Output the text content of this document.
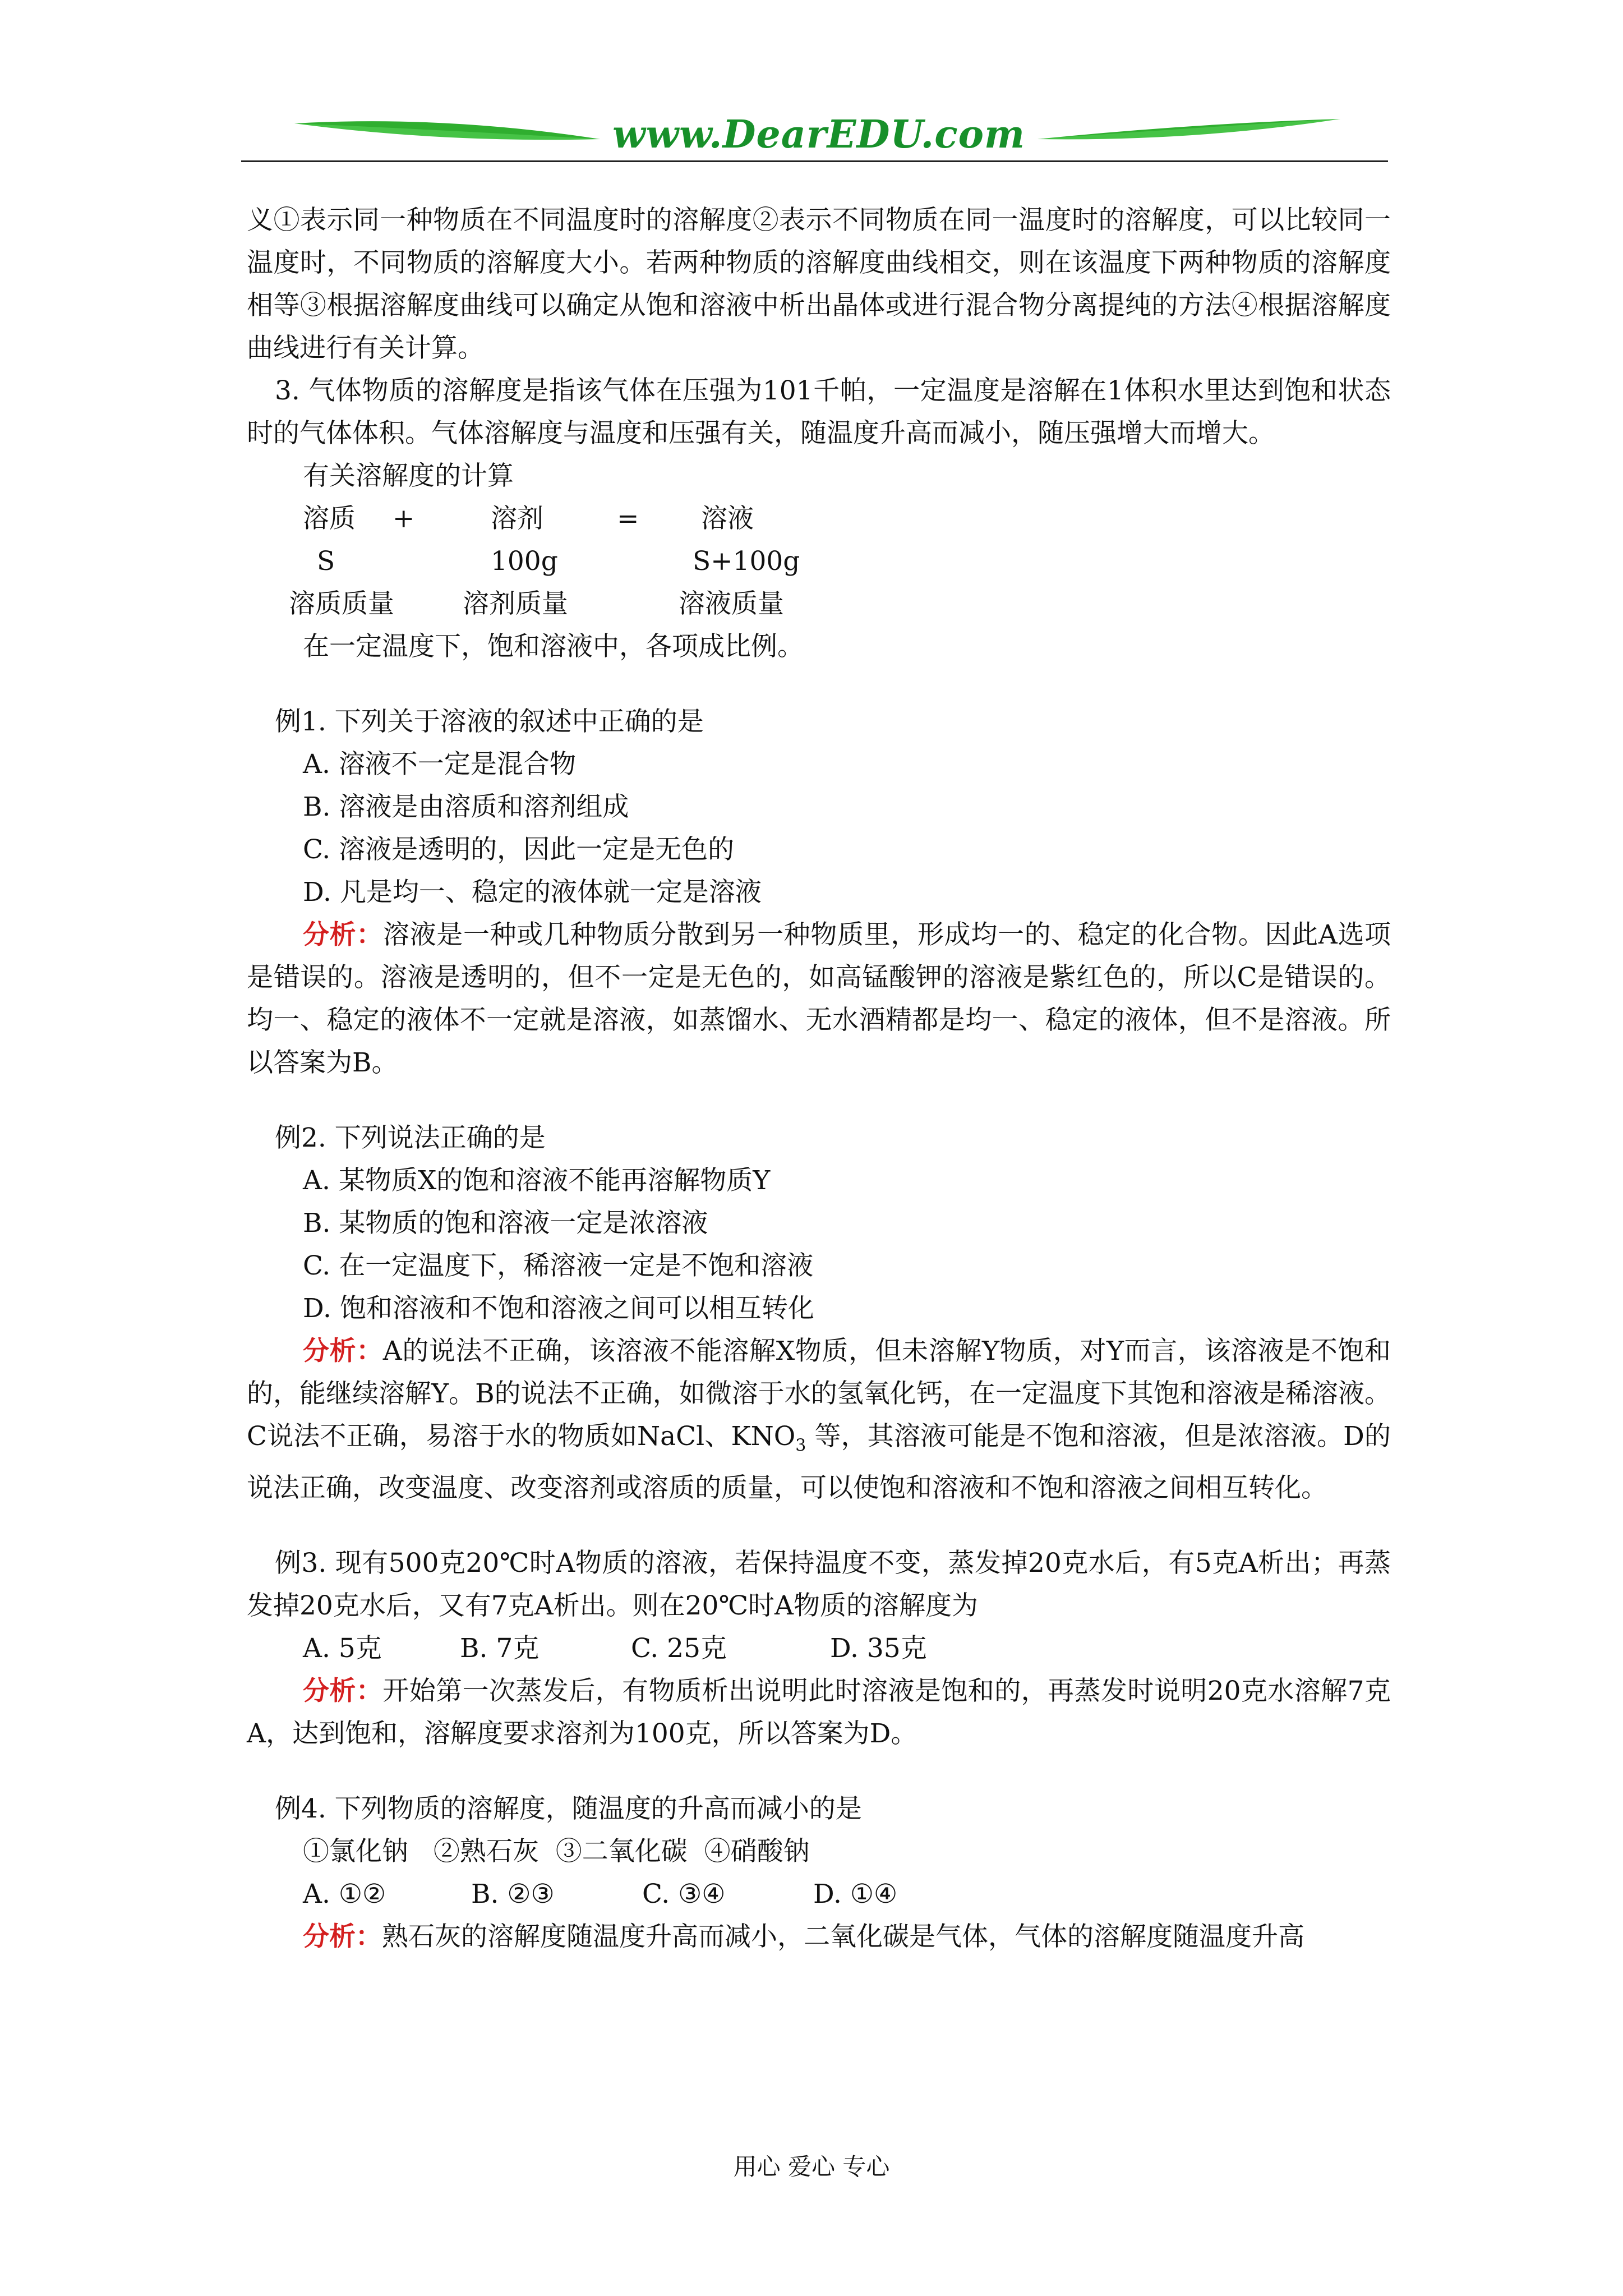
www.DearEDU.com

义①表示同一种物质在不同温度时的溶解度②表示不同物质在同一温度时的溶解度，可以比较同一温度时，不同物质的溶解度大小。若两种物质的溶解度曲线相交，则在该温度下两种物质的溶解度相等③根据溶解度曲线可以确定从饱和溶液中析出晶体或进行混合物分离提纯的方法④根据溶解度曲线进行有关计算。

3. 气体物质的溶解度是指该气体在压强为101千帕，一定温度是溶解在1体积水里达到饱和状态时的气体体积。气体溶解度与温度和压强有关，随温度升高而减小，随压强增大而增大。

有关溶解度的计算

溶质	+	溶剂	=	溶液
S	100g	S+100g
溶质质量	溶剂质量	溶液质量

在一定温度下，饱和溶液中，各项成比例。

例1. 下列关于溶液的叙述中正确的是

A. 溶液不一定是混合物

B. 溶液是由溶质和溶剂组成

C. 溶液是透明的，因此一定是无色的

D. 凡是均一、稳定的液体就一定是溶液

分析：溶液是一种或几种物质分散到另一种物质里，形成均一的、稳定的化合物。因此A选项是错误的。溶液是透明的，但不一定是无色的，如高锰酸钾的溶液是紫红色的，所以C是错误的。均一、稳定的液体不一定就是溶液，如蒸馏水、无水酒精都是均一、稳定的液体，但不是溶液。所以答案为B。

例2. 下列说法正确的是

A. 某物质X的饱和溶液不能再溶解物质Y

B. 某物质的饱和溶液一定是浓溶液

C. 在一定温度下，稀溶液一定是不饱和溶液

D. 饱和溶液和不饱和溶液之间可以相互转化

分析：A的说法不正确，该溶液不能溶解X物质，但未溶解Y物质，对Y而言，该溶液是不饱和的，能继续溶解Y。B的说法不正确，如微溶于水的氢氧化钙，在一定温度下其饱和溶液是稀溶液。C说法不正确，易溶于水的物质如NaCl、$KNO_3$ 等，其溶液可能是不饱和溶液，但是浓溶液。D的说法正确，改变温度、改变溶剂或溶质的质量，可以使饱和溶液和不饱和溶液之间相互转化。

例3. 现有500克20℃时A物质的溶液，若保持温度不变，蒸发掉20克水后，有5克A析出；再蒸发掉20克水后，又有7克A析出。则在20℃时A物质的溶解度为

A. 5克	B. 7克	C. 25克	D. 35克

分析：开始第一次蒸发后，有物质析出说明此时溶液是饱和的，再蒸发时说明20克水溶解7克A，达到饱和，溶解度要求溶剂为100克，所以答案为D。

例4. 下列物质的溶解度，随温度的升高而减小的是

①氯化钠   ②熟石灰  ③二氧化碳  ④硝酸钠

A. ①②	B. ②③	C. ③④	D. ①④

分析：熟石灰的溶解度随温度升高而减小，二氧化碳是气体，气体的溶解度随温度升高

用心 爱心 专心
